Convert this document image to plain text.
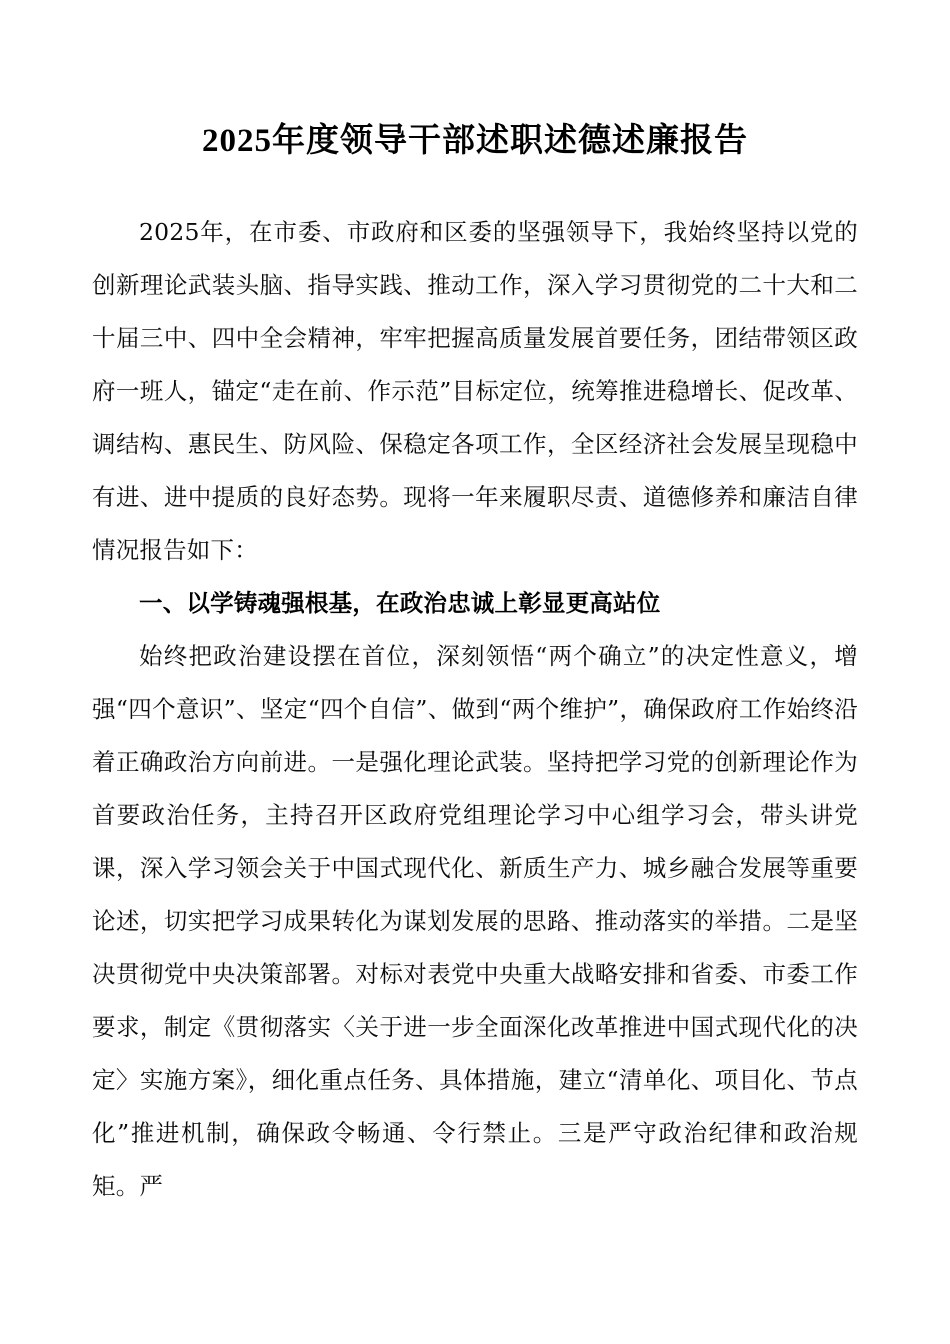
2025年度领导干部述职述德述廉报告

2025年，在市委、市政府和区委的坚强领导下，我始终坚持以党的创新理论武装头脑、指导实践、推动工作，深入学习贯彻党的二十大和二十届三中、四中全会精神，牢牢把握高质量发展首要任务，团结带领区政府一班人，锚定“走在前、作示范”目标定位，统筹推进稳增长、促改革、调结构、惠民生、防风险、保稳定各项工作，全区经济社会发展呈现稳中有进、进中提质的良好态势。现将一年来履职尽责、道德修养和廉洁自律情况报告如下：

一、以学铸魂强根基，在政治忠诚上彰显更高站位

始终把政治建设摆在首位，深刻领悟“两个确立”的决定性意义，增强“四个意识”、坚定“四个自信”、做到“两个维护”，确保政府工作始终沿着正确政治方向前进。一是强化理论武装。坚持把学习党的创新理论作为首要政治任务，主持召开区政府党组理论学习中心组学习会，带头讲党课，深入学习领会关于中国式现代化、新质生产力、城乡融合发展等重要论述，切实把学习成果转化为谋划发展的思路、推动落实的举措。二是坚决贯彻党中央决策部署。对标对表党中央重大战略安排和省委、市委工作要求，制定《贯彻落实〈关于进一步全面深化改革推进中国式现代化的决定〉实施方案》，细化重点任务、具体措施，建立“清单化、项目化、节点化”推进机制，确保政令畅通、令行禁止。三是严守政治纪律和政治规矩。严
